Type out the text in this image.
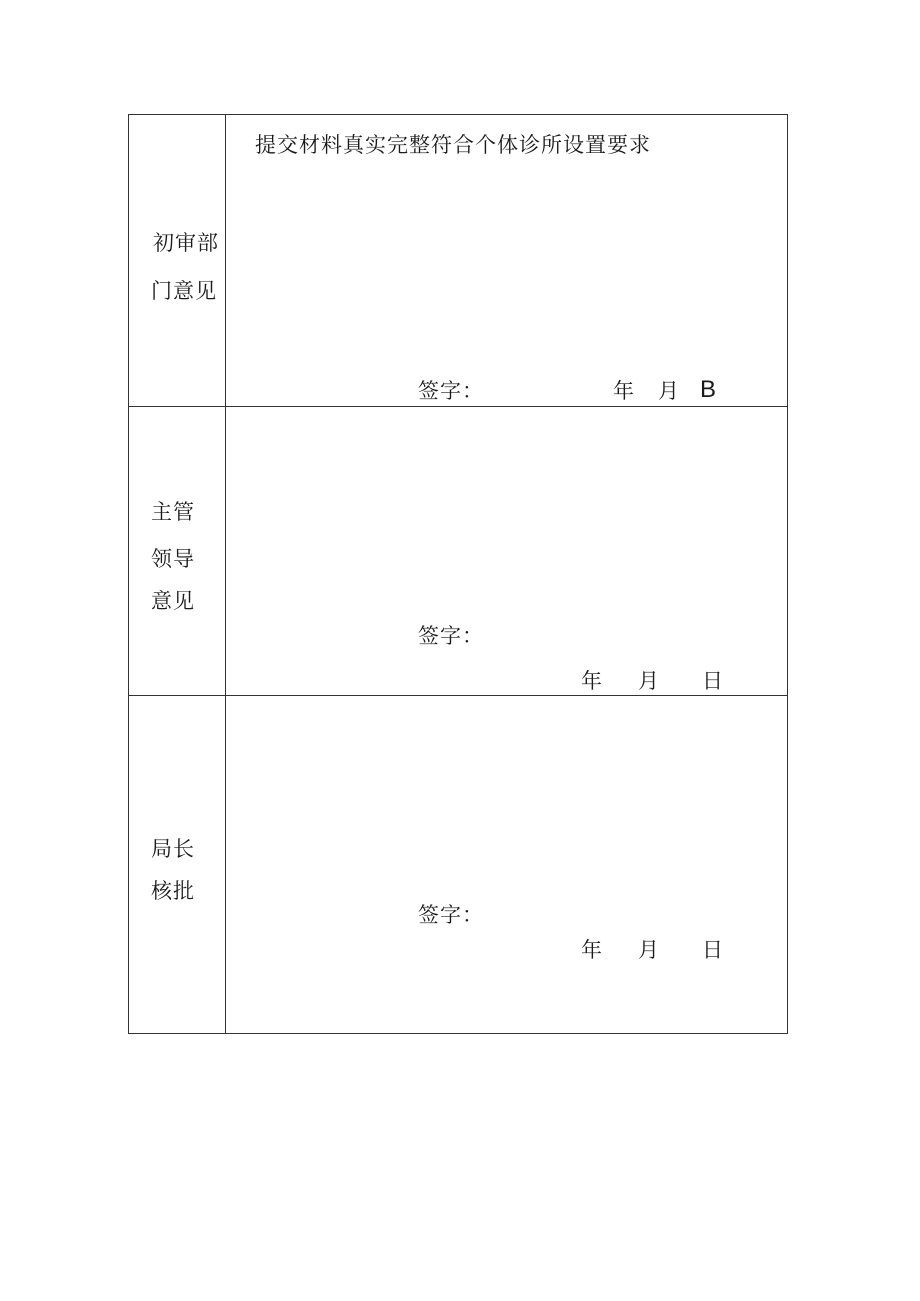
初审部
门意见
提交材料真实完整符合个体诊所设置要求
签字：	年 月 B
主管
领导
意见
签字：
年 月 日
局长
核批
签字：
年 月 日
